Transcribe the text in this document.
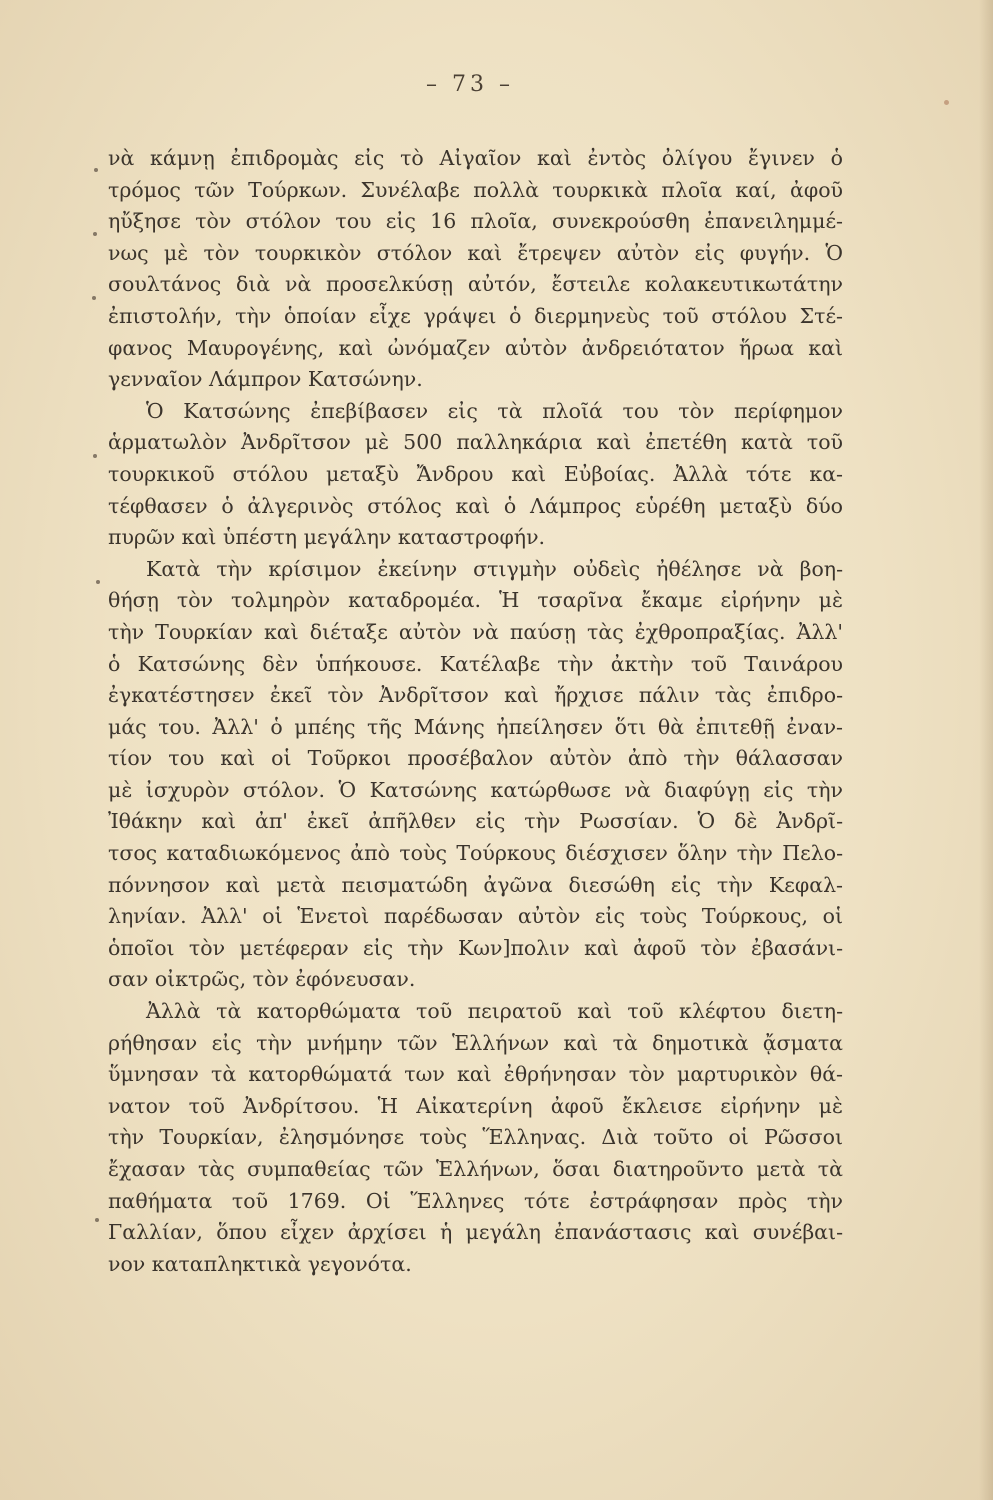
– 73 –
νὰ κάμνῃ ἐπιδρομὰς εἰς τὸ Αἰγαῖον καὶ ἐντὸς ὀλίγου ἔγινεν ὁ
τρόμος τῶν Τούρκων. Συνέλαβε πολλὰ τουρκικὰ πλοῖα καί, ἀφοῦ
ηὔξησε τὸν στόλον του εἰς 16 πλοῖα, συνεκρούσθη ἐπανειλημμέ-
νως μὲ τὸν τουρκικὸν στόλον καὶ ἔτρεψεν αὐτὸν εἰς φυγήν. Ὁ
σουλτάνος διὰ νὰ προσελκύσῃ αὐτόν, ἔστειλε κολακευτικωτάτην
ἐπιστολήν, τὴν ὁποίαν εἶχε γράψει ὁ διερμηνεὺς τοῦ στόλου Στέ-
φανος Μαυρογένης, καὶ ὠνόμαζεν αὐτὸν ἀνδρειότατον ἥρωα καὶ
γενναῖον Λάμπρον Κατσώνην.
Ὁ Κατσώνης ἐπεβίβασεν εἰς τὰ πλοῖά του τὸν περίφημον
ἁρματωλὸν Ἀνδρῖτσον μὲ 500 παλληκάρια καὶ ἐπετέθη κατὰ τοῦ
τουρκικοῦ στόλου μεταξὺ Ἄνδρου καὶ Εὐβοίας. Ἀλλὰ τότε κα-
τέφθασεν ὁ ἀλγερινὸς στόλος καὶ ὁ Λάμπρος εὑρέθη μεταξὺ δύο
πυρῶν καὶ ὑπέστη μεγάλην καταστροφήν.
Κατὰ τὴν κρίσιμον ἐκείνην στιγμὴν οὐδεὶς ἠθέλησε νὰ βοη-
θήσῃ τὸν τολμηρὸν καταδρομέα. Ἡ τσαρῖνα ἔκαμε εἰρήνην μὲ
τὴν Τουρκίαν καὶ διέταξε αὐτὸν νὰ παύσῃ τὰς ἐχθροπραξίας. Ἀλλ'
ὁ Κατσώνης δὲν ὑπήκουσε. Κατέλαβε τὴν ἀκτὴν τοῦ Ταινάρου
ἐγκατέστησεν ἐκεῖ τὸν Ἀνδρῖτσον καὶ ἤρχισε πάλιν τὰς ἐπιδρο-
μάς του. Ἀλλ' ὁ μπέης τῆς Μάνης ἠπείλησεν ὅτι θὰ ἐπιτεθῇ ἐναν-
τίον του καὶ οἱ Τοῦρκοι προσέβαλον αὐτὸν ἀπὸ τὴν θάλασσαν
μὲ ἰσχυρὸν στόλον. Ὁ Κατσώνης κατώρθωσε νὰ διαφύγῃ εἰς τὴν
Ἰθάκην καὶ ἀπ' ἐκεῖ ἀπῆλθεν εἰς τὴν Ρωσσίαν. Ὁ δὲ Ἀνδρῖ-
τσος καταδιωκόμενος ἀπὸ τοὺς Τούρκους διέσχισεν ὅλην τὴν Πελο-
πόννησον καὶ μετὰ πεισματώδη ἀγῶνα διεσώθη εἰς τὴν Κεφαλ-
ληνίαν. Ἀλλ' οἱ Ἑνετοὶ παρέδωσαν αὐτὸν εἰς τοὺς Τούρκους, οἱ
ὁποῖοι τὸν μετέφεραν εἰς τὴν Κων]πολιν καὶ ἀφοῦ τὸν ἐβασάνι-
σαν οἰκτρῶς, τὸν ἐφόνευσαν.
Ἀλλὰ τὰ κατορθώματα τοῦ πειρατοῦ καὶ τοῦ κλέφτου διετη-
ρήθησαν εἰς τὴν μνήμην τῶν Ἑλλήνων καὶ τὰ δημοτικὰ ᾄσματα
ὕμνησαν τὰ κατορθώματά των καὶ ἐθρήνησαν τὸν μαρτυρικὸν θά-
νατον τοῦ Ἀνδρίτσου. Ἡ Αἰκατερίνη ἀφοῦ ἔκλεισε εἰρήνην μὲ
τὴν Τουρκίαν, ἐλησμόνησε τοὺς Ἕλληνας. Διὰ τοῦτο οἱ Ρῶσσοι
ἔχασαν τὰς συμπαθείας τῶν Ἑλλήνων, ὅσαι διατηροῦντο μετὰ τὰ
παθήματα τοῦ 1769. Οἱ Ἕλληνες τότε ἐστράφησαν πρὸς τὴν
Γαλλίαν, ὅπου εἶχεν ἀρχίσει ἡ μεγάλη ἐπανάστασις καὶ συνέβαι-
νον καταπληκτικὰ γεγονότα.
